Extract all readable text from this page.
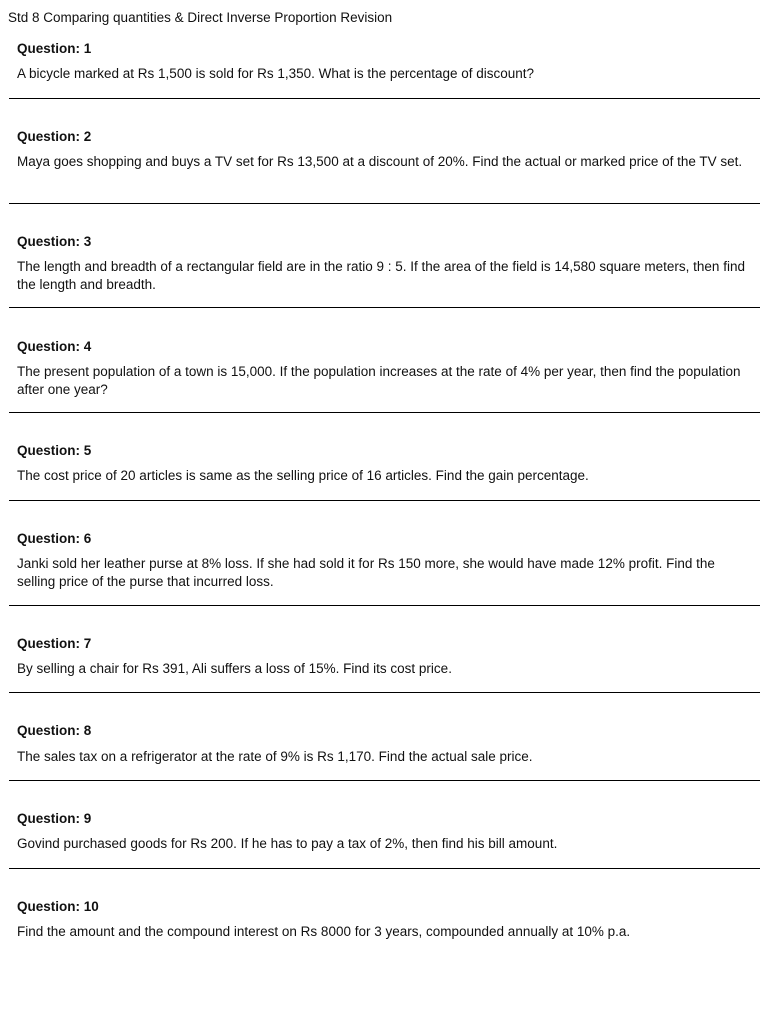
Std 8 Comparing quantities & Direct Inverse Proportion Revision
Question: 1
A bicycle marked at Rs 1,500 is sold for Rs 1,350. What is the percentage of discount?
Question: 2
Maya goes shopping and buys a TV set for Rs 13,500 at a discount of 20%. Find the actual or marked price of the TV set.
Question: 3
The length and breadth of a rectangular field are in the ratio 9 : 5. If the area of the field is 14,580 square meters, then find the length and breadth.
Question: 4
The present population of a town is 15,000. If the population increases at the rate of 4% per year, then find the population after one year?
Question: 5
The cost price of 20 articles is same as the selling price of 16 articles. Find the gain percentage.
Question: 6
Janki sold her leather purse at 8% loss. If she had sold it for Rs 150 more, she would have made 12% profit. Find the selling price of the purse that incurred loss.
Question: 7
By selling a chair for Rs 391, Ali suffers a loss of 15%. Find its cost price.
Question: 8
The sales tax on a refrigerator at the rate of 9% is Rs 1,170. Find the actual sale price.
Question: 9
Govind purchased goods for Rs 200. If he has to pay a tax of 2%, then find his bill amount.
Question: 10
Find the amount and the compound interest on Rs 8000 for 3 years, compounded annually at 10% p.a.
